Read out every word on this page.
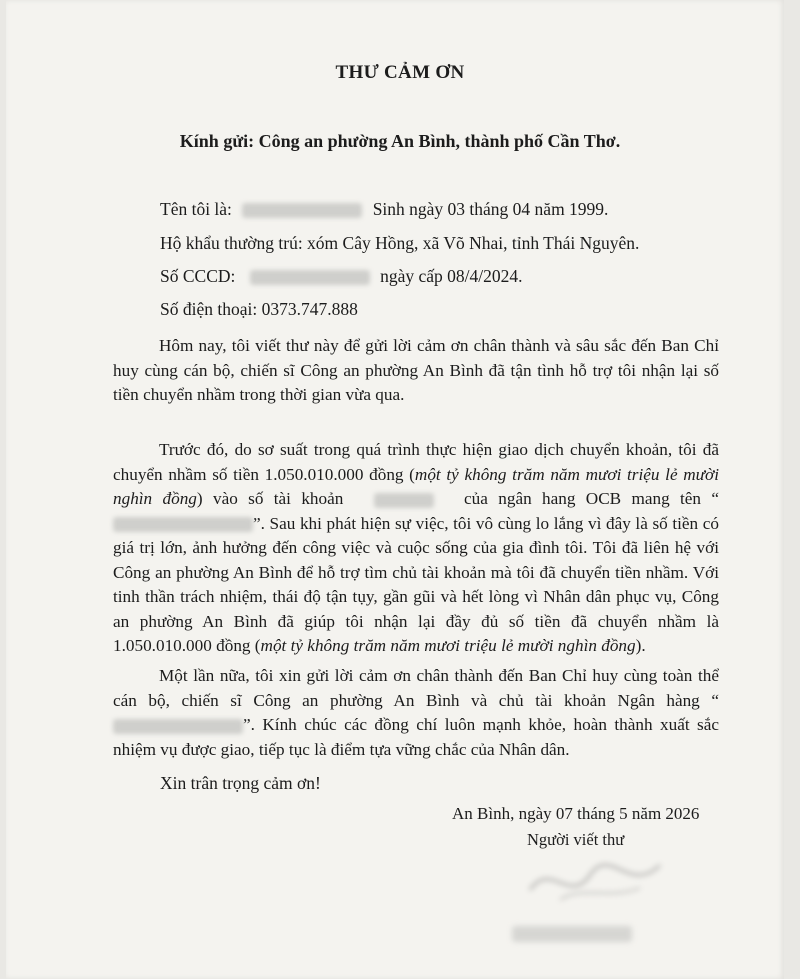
THƯ CẢM ƠN
Kính gửi: Công an phường An Bình, thành phố Cần Thơ.
Tên tôi là:	Sinh ngày 03 tháng 04 năm 1999.
Hộ khẩu thường trú: xóm Cây Hồng, xã Võ Nhai, tỉnh Thái Nguyên.
Số CCCD:	ngày cấp 08/4/2024.
Số điện thoại: 0373.747.888
Hôm nay, tôi viết thư này để gửi lời cảm ơn chân thành và sâu sắc đến Ban Chỉ huy cùng cán bộ, chiến sĩ Công an phường An Bình đã tận tình hỗ trợ tôi nhận lại số tiền chuyển nhầm trong thời gian vừa qua.
Trước đó, do sơ suất trong quá trình thực hiện giao dịch chuyển khoản, tôi đã chuyển nhầm số tiền 1.050.010.000 đồng (một tỷ không trăm năm mươi triệu lẻ mười nghìn đồng) vào số tài khoản	của ngân hang OCB mang tên “”. Sau khi phát hiện sự việc, tôi vô cùng lo lắng vì đây là số tiền có giá trị lớn, ảnh hưởng đến công việc và cuộc sống của gia đình tôi. Tôi đã liên hệ với Công an phường An Bình để hỗ trợ tìm chủ tài khoản mà tôi đã chuyển tiền nhầm. Với tinh thần trách nhiệm, thái độ tận tụy, gần gũi và hết lòng vì Nhân dân phục vụ, Công an phường An Bình đã giúp tôi nhận lại đầy đủ số tiền đã chuyển nhầm là 1.050.010.000 đồng (một tỷ không trăm năm mươi triệu lẻ mười nghìn đồng).
Một lần nữa, tôi xin gửi lời cảm ơn chân thành đến Ban Chỉ huy cùng toàn thể cán bộ, chiến sĩ Công an phường An Bình và chủ tài khoản Ngân hàng “”. Kính chúc các đồng chí luôn mạnh khỏe, hoàn thành xuất sắc nhiệm vụ được giao, tiếp tục là điểm tựa vững chắc của Nhân dân.
Xin trân trọng cảm ơn!
An Bình, ngày 07 tháng 5 năm 2026
Người viết thư
